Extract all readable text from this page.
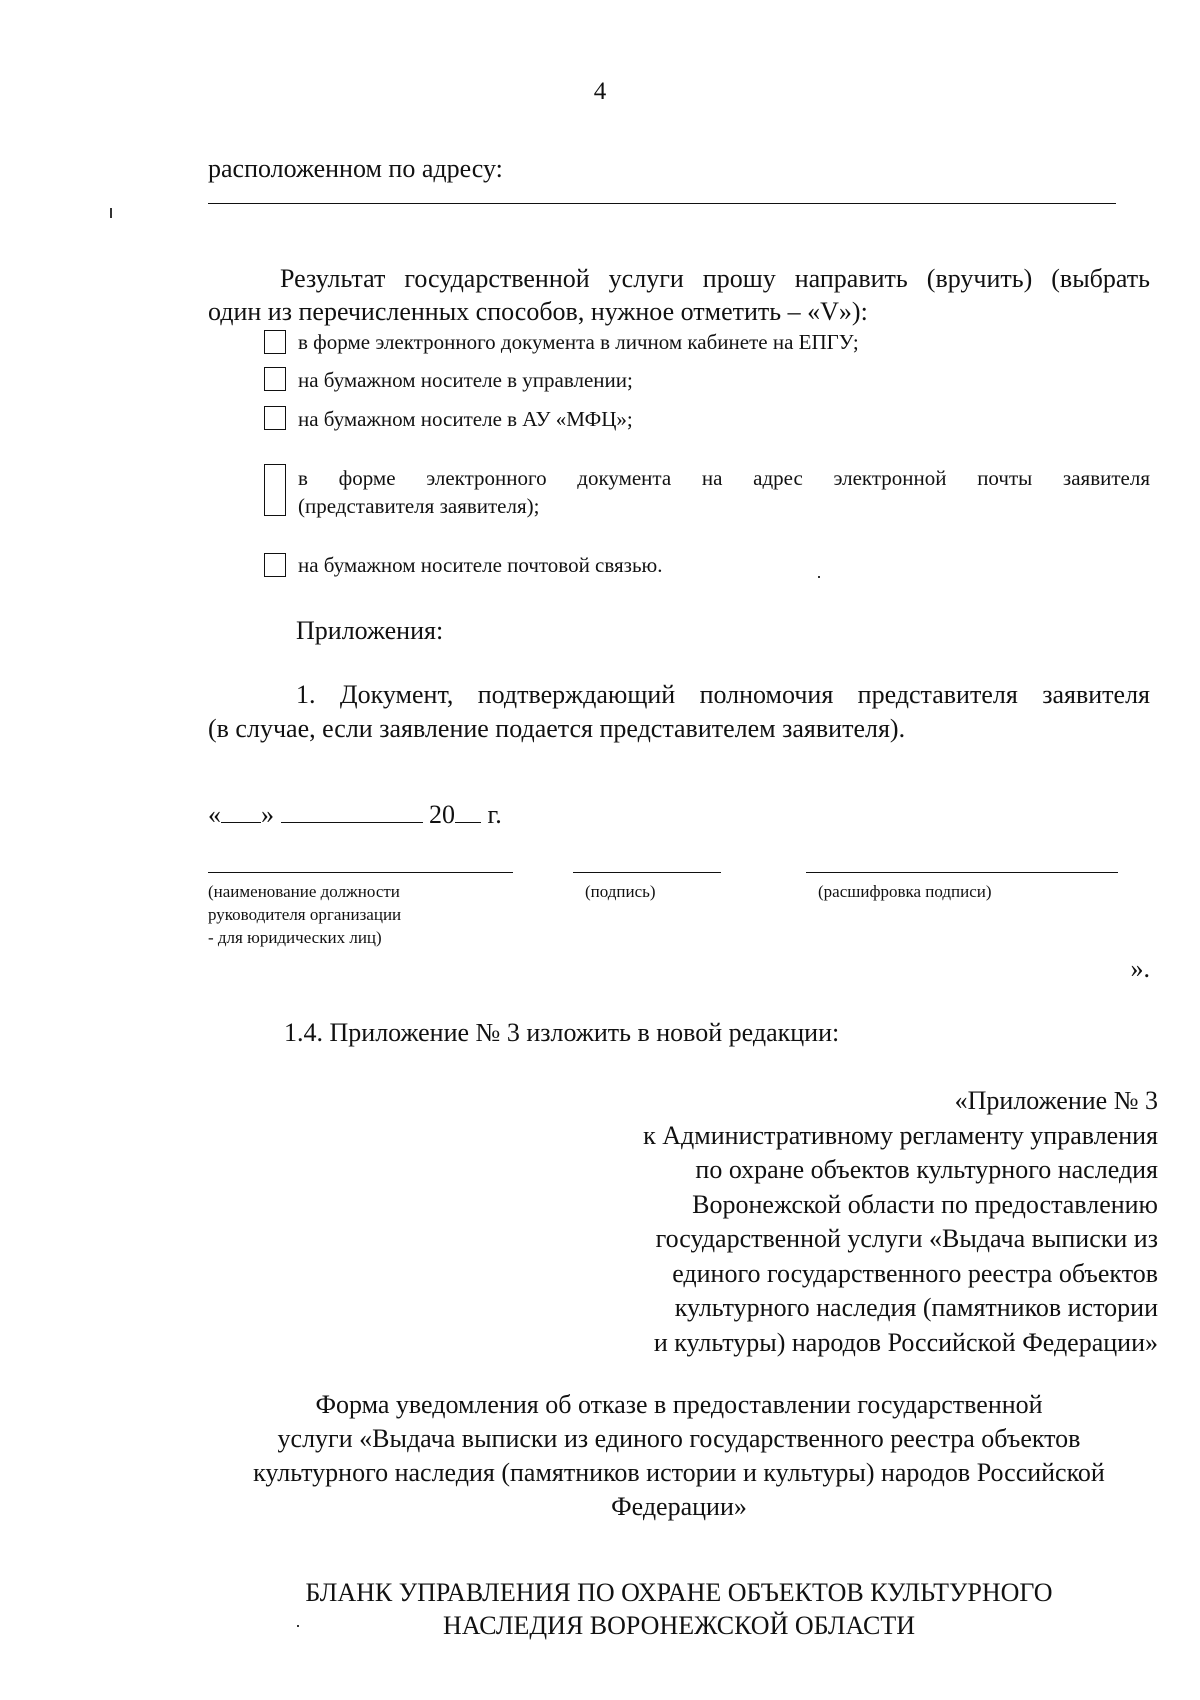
4
расположенном по адресу:
Результат государственной услуги прошу направить (вручить) (выбрать
один из перечисленных способов, нужное отметить – «V»):
в форме электронного документа в личном кабинете на ЕПГУ;
на бумажном носителе в управлении;
на бумажном носителе в АУ «МФЦ»;
в форме электронного документа на адрес электронной почты заявителя
(представителя заявителя);
на бумажном носителе почтовой связью.
Приложения:
1. Документ, подтверждающий полномочия представителя заявителя
(в случае, если заявление подается представителем заявителя).
« »	20 г.
(наименование должности
руководителя организации
- для юридических лиц)
(подпись)	(расшифровка подписи)
».
1.4. Приложение № 3 изложить в новой редакции:
«Приложение № 3
к Административному регламенту управления
по охране объектов культурного наследия
Воронежской области по предоставлению
государственной услуги «Выдача выписки из
единого государственного реестра объектов
культурного наследия (памятников истории
и культуры) народов Российской Федерации»
Форма уведомления об отказе в предоставлении государственной
услуги «Выдача выписки из единого государственного реестра объектов
культурного наследия (памятников истории и культуры) народов Российской
Федерации»
БЛАНК УПРАВЛЕНИЯ ПО ОХРАНЕ ОБЪЕКТОВ КУЛЬТУРНОГО
НАСЛЕДИЯ ВОРОНЕЖСКОЙ ОБЛАСТИ
